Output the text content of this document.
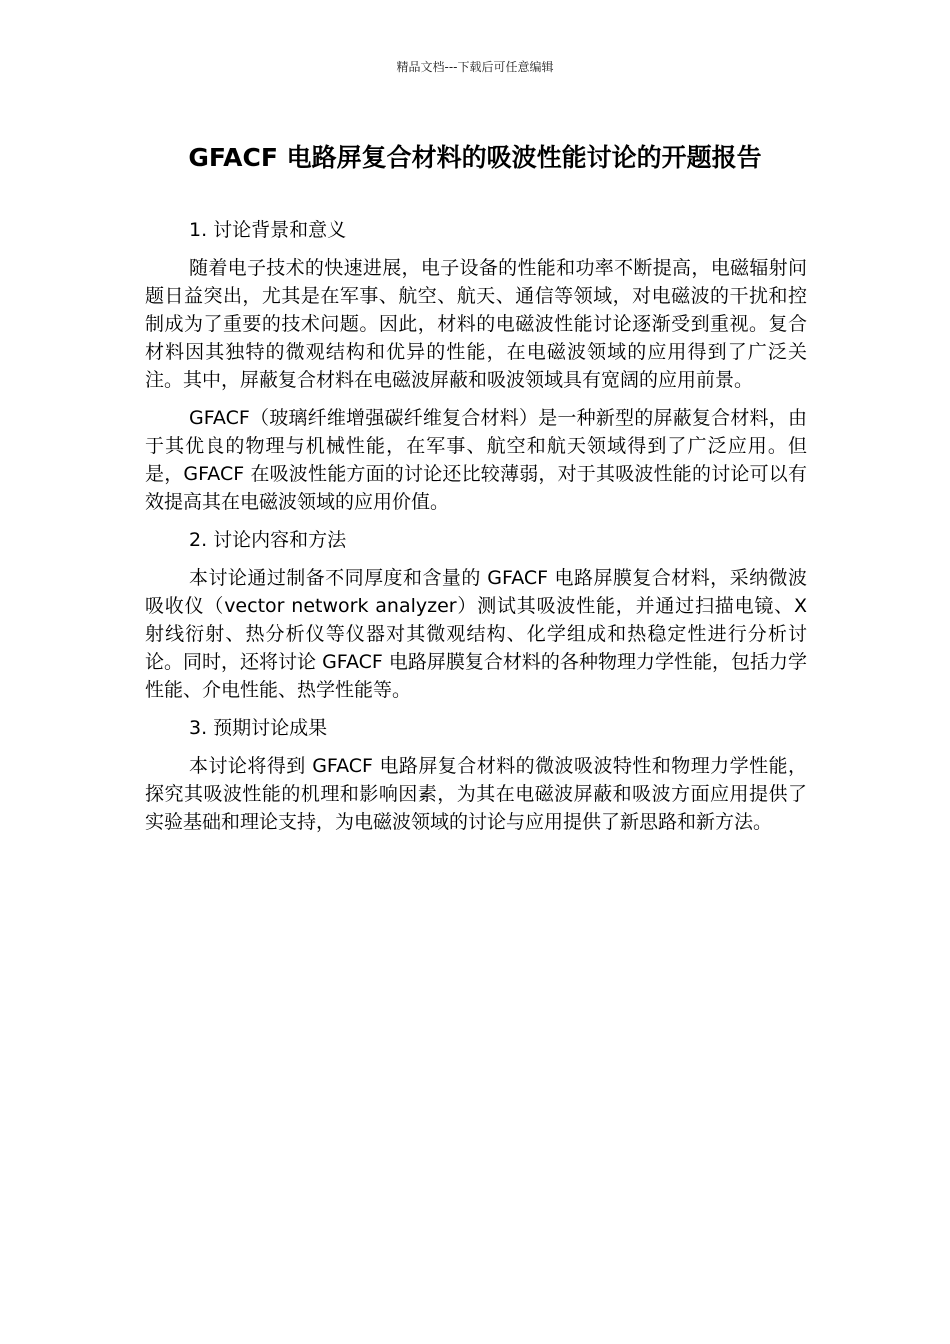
精品文档---下载后可任意编辑
GFACF 电路屏复合材料的吸波性能讨论的开题报告
1. 讨论背景和意义

随着电子技术的快速进展，电子设备的性能和功率不断提高，电磁辐射问题日益突出，尤其是在军事、航空、航天、通信等领域，对电磁波的干扰和控制成为了重要的技术问题。因此，材料的电磁波性能讨论逐渐受到重视。复合材料因其独特的微观结构和优异的性能，在电磁波领域的应用得到了广泛关注。其中，屏蔽复合材料在电磁波屏蔽和吸波领域具有宽阔的应用前景。

GFACF（玻璃纤维增强碳纤维复合材料）是一种新型的屏蔽复合材料，由于其优良的物理与机械性能，在军事、航空和航天领域得到了广泛应用。但是，GFACF 在吸波性能方面的讨论还比较薄弱，对于其吸波性能的讨论可以有效提高其在电磁波领域的应用价值。

2. 讨论内容和方法

本讨论通过制备不同厚度和含量的 GFACF 电路屏膜复合材料，采纳微波吸收仪（vector network analyzer）测试其吸波性能，并通过扫描电镜、X 射线衍射、热分析仪等仪器对其微观结构、化学组成和热稳定性进行分析讨论。同时，还将讨论 GFACF 电路屏膜复合材料的各种物理力学性能，包括力学性能、介电性能、热学性能等。

3. 预期讨论成果

本讨论将得到 GFACF 电路屏复合材料的微波吸波特性和物理力学性能，探究其吸波性能的机理和影响因素，为其在电磁波屏蔽和吸波方面应用提供了实验基础和理论支持，为电磁波领域的讨论与应用提供了新思路和新方法。
